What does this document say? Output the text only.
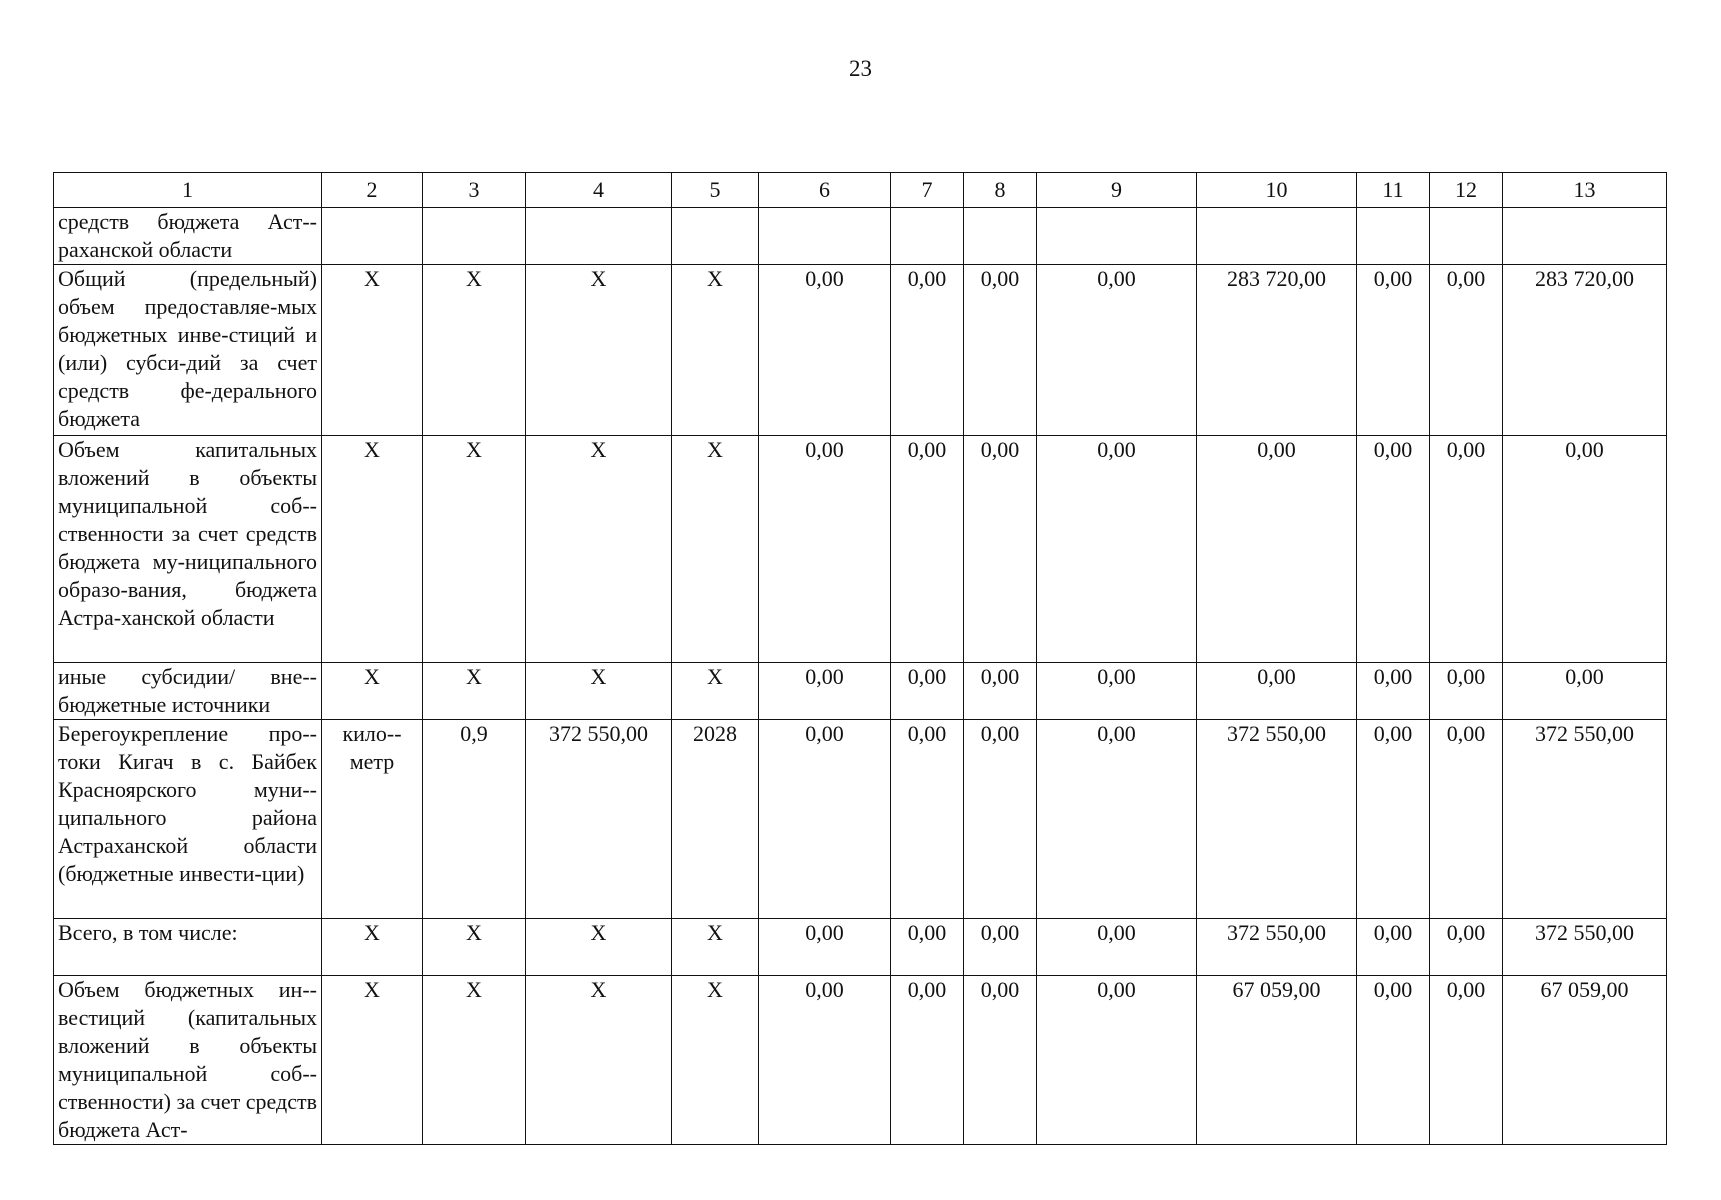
23
1	2	3	4	5	6	7	8	9	10	11	12	13
средств бюджета Аст-раханской области												
Общий (предельный) объем предоставляе-мых бюджетных инве-стиций и (или) субси-дий за счет средств фе-дерального бюджета	Х	Х	Х	Х	0,00	0,00	0,00	0,00	283 720,00	0,00	0,00	283 720,00
Объем капитальных вложений в объекты муниципальной соб-ственности за счет средств бюджета му-ниципального образо-вания, бюджета Астра-ханской области	Х	Х	Х	Х	0,00	0,00	0,00	0,00	0,00	0,00	0,00	0,00
иные субсидии/ вне-бюджетные источники	Х	Х	Х	Х	0,00	0,00	0,00	0,00	0,00	0,00	0,00	0,00
Берегоукрепление про-токи Кигач в с. Байбек Красноярского муни-ципального района Астраханской области (бюджетные инвести-ции)	кило-метр	0,9	372 550,00	2028	0,00	0,00	0,00	0,00	372 550,00	0,00	0,00	372 550,00
Всего, в том числе:	Х	Х	Х	Х	0,00	0,00	0,00	0,00	372 550,00	0,00	0,00	372 550,00
Объем бюджетных ин-вестиций (капитальных вложений в объекты муниципальной соб-ственности) за счет средств бюджета Аст-	Х	Х	Х	Х	0,00	0,00	0,00	0,00	67 059,00	0,00	0,00	67 059,00
